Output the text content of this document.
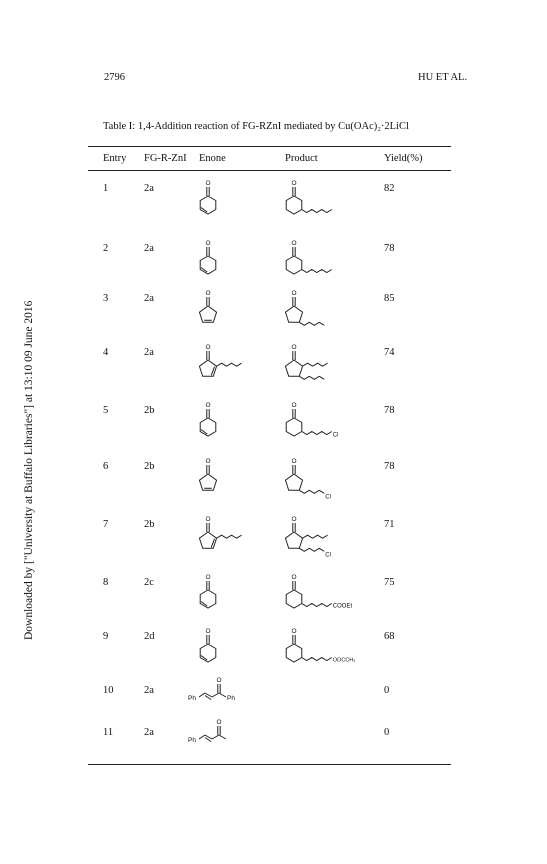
2796	HU ET AL.
Downloaded by ["University at Buffalo Libraries"] at 13:10 09 June 2016
Table I: 1,4-Addition reaction of FG-RZnI mediated by Cu(OAc)₂·2LiCl
Entry FG-R-ZnI Enone	Product	Yield(%)
1	2a	82
O	O
2	2a	78
O	O
3	2a	85
O	O
4	2a	74
O	O
5	2b	78
O	O
Cl
6	2b	78
O	O
Cl
7	2b	71
O	O
Cl
8	2c	75
O	O
COOEt
9	2d	68
O	O
OOCCH₃
10	2a	0
Ph
O
Ph
11	2a	0
Ph
O
